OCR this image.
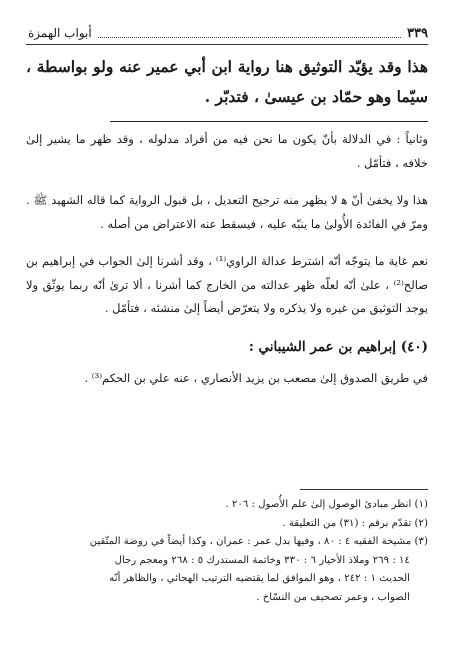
٣٣٩
أبواب الهمزة
هذا وقد يؤيّد التوثيق هنا رواية ابن أبي عمير عنه ولو بواسطة ، سيّما وهو حمّاد بن عيسىٰ ، فتدبّر .

وثانياً : في الدلالة بأنّ يكون ما نحن فيه من أفراد مدلوله ، وقد ظهر ما يشير إلىٰ خلافه ، فتأمّل .

هذا ولا يخفىٰ أنّ ﻫ لا يظهر منه ترجيح التعديل ، بل قبول الرواية كما قاله الشهيد ﷺ . ومرّ في الفائدة الأُولىٰ ما ينبّه عليه ، فيسقط عنه الاعتراض من أصله .

نعم غاية ما يتوجّه أنّه اشترط عدالة الراوي⁽¹⁾ ، وقد أشرنا إلىٰ الجواب في إبراهيم بن صالح⁽²⁾ ، علىٰ أنّه لعلّه ظهر عدالته من الخارج كما أشرنا ، ألا ترىٰ أنّه ربما يوثّق ولا يوجد التوثيق من غيره ولا يذكره ولا يتعرّض أيضاً إلىٰ منشئه ، فتأمّل .

(٤٠) إبراهيم بن عمر الشيباني :

في طريق الصدوق إلىٰ مصعب بن يزيد الأنصاري ، عنه علي بن الحكم⁽³⁾ .

(١) انظر مبادئ الوصول إلىٰ علم الأُصول : ٢٠٦ .

(٢) تقدّم برقم : (٣١) من التعليقة .

(٣) مشيخة الفقيه ٤ : ٨٠ ، وفيها بدل عمر : عمران ، وكذا أيضاً في روضة المتّقين

١٤ : ٢٦٩ وملاذ الأخيار ٦ : ٣٣٠ وخاتمة المستدرك ٥ : ٢٦٨ ومعجم رجال

الحديث ١ : ٢٤٢ ، وهو الموافق لما يقتضيه الترتيب الهجائي ، والظاهر أنّه

الصواب ، وعمر تصحيف من النسّاخ .
